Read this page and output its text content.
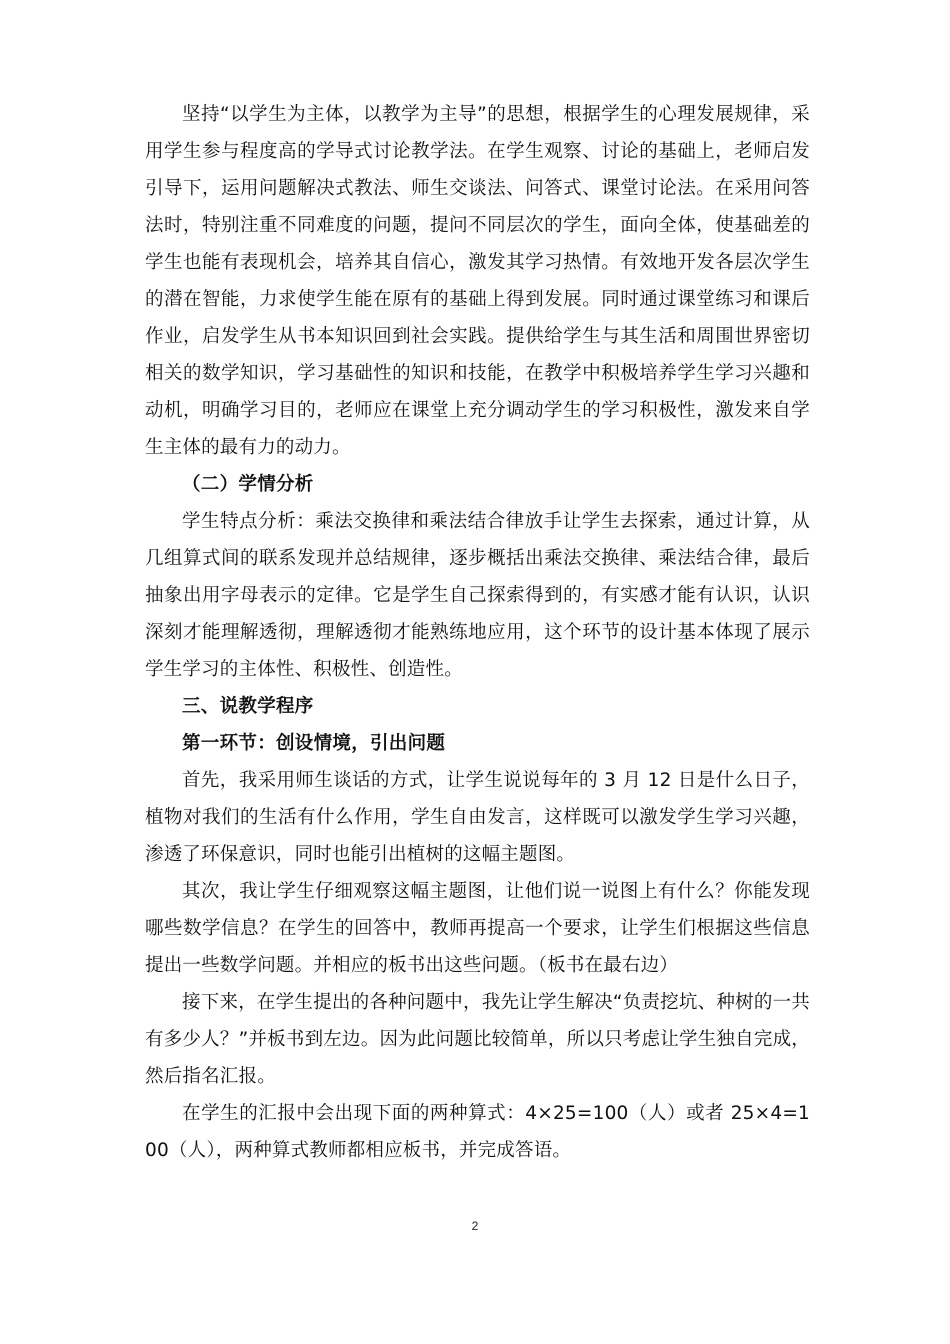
坚持“以学生为主体，以教学为主导”的思想，根据学生的心理发展规律，采用学生参与程度高的学导式讨论教学法。在学生观察、讨论的基础上，老师启发引导下，运用问题解决式教法、师生交谈法、问答式、课堂讨论法。在采用问答法时，特别注重不同难度的问题，提问不同层次的学生，面向全体，使基础差的学生也能有表现机会，培养其自信心，激发其学习热情。有效地开发各层次学生的潜在智能，力求使学生能在原有的基础上得到发展。同时通过课堂练习和课后作业，启发学生从书本知识回到社会实践。提供给学生与其生活和周围世界密切相关的数学知识，学习基础性的知识和技能，在教学中积极培养学生学习兴趣和动机，明确学习目的，老师应在课堂上充分调动学生的学习积极性，激发来自学生主体的最有力的动力。

（二）学情分析

学生特点分析：乘法交换律和乘法结合律放手让学生去探索，通过计算，从几组算式间的联系发现并总结规律，逐步概括出乘法交换律、乘法结合律，最后抽象出用字母表示的定律。它是学生自己探索得到的，有实感才能有认识，认识深刻才能理解透彻，理解透彻才能熟练地应用，这个环节的设计基本体现了展示学生学习的主体性、积极性、创造性。

三、说教学程序

第一环节：创设情境，引出问题

首先，我采用师生谈话的方式，让学生说说每年的 3 月 12 日是什么日子，植物对我们的生活有什么作用，学生自由发言，这样既可以激发学生学习兴趣，渗透了环保意识，同时也能引出植树的这幅主题图。

其次，我让学生仔细观察这幅主题图，让他们说一说图上有什么？你能发现哪些数学信息？在学生的回答中，教师再提高一个要求，让学生们根据这些信息提出一些数学问题。并相应的板书出这些问题。（板书在最右边）

接下来，在学生提出的各种问题中，我先让学生解决“负责挖坑、种树的一共有多少人？”并板书到左边。因为此问题比较简单，所以只考虑让学生独自完成，然后指名汇报。

在学生的汇报中会出现下面的两种算式：4×25=100（人）或者 25×4=100（人），两种算式教师都相应板书，并完成答语。

2
